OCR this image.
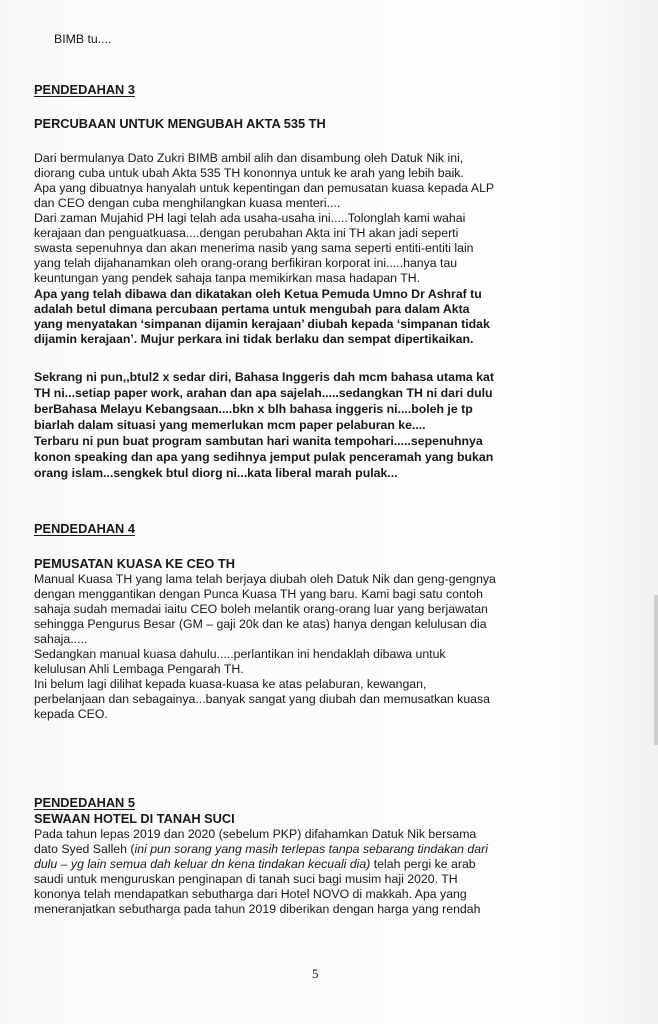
BIMB tu....
PENDEDAHAN 3
PERCUBAAN UNTUK MENGUBAH AKTA 535 TH
Dari bermulanya Dato Zukri BIMB ambil alih dan disambung oleh Datuk Nik ini,
diorang cuba untuk ubah Akta 535 TH kononnya untuk ke arah yang lebih baik.
Apa yang dibuatnya hanyalah untuk kepentingan dan pemusatan kuasa kepada ALP
dan CEO dengan cuba menghilangkan kuasa menteri....
Dari zaman Mujahid PH lagi telah ada usaha-usaha ini.....Tolonglah kami wahai
kerajaan dan penguatkuasa....dengan perubahan Akta ini TH akan jadi seperti
swasta sepenuhnya dan akan menerima nasib yang sama seperti entiti-entiti lain
yang telah dijahanamkan oleh orang-orang berfikiran korporat ini.....hanya tau
keuntungan yang pendek sahaja tanpa memikirkan masa hadapan TH.
Apa yang telah dibawa dan dikatakan oleh Ketua Pemuda Umno Dr Ashraf tu
adalah betul dimana percubaan pertama untuk mengubah para dalam Akta
yang menyatakan ‘simpanan dijamin kerajaan’ diubah kepada ‘simpanan tidak
dijamin kerajaan’. Mujur perkara ini tidak berlaku dan sempat dipertikaikan.
Sekrang ni pun,,btul2 x sedar diri, Bahasa Inggeris dah mcm bahasa utama kat
TH ni...setiap paper work, arahan dan apa sajelah.....sedangkan TH ni dari dulu
berBahasa Melayu Kebangsaan....bkn x blh bahasa inggeris ni....boleh je tp
biarlah dalam situasi yang memerlukan mcm paper pelaburan ke....
Terbaru ni pun buat program sambutan hari wanita tempohari.....sepenuhnya
konon speaking dan apa yang sedihnya jemput pulak penceramah yang bukan
orang islam...sengkek btul diorg ni...kata liberal marah pulak...
PENDEDAHAN 4
PEMUSATAN KUASA KE CEO TH
Manual Kuasa TH yang lama telah berjaya diubah oleh Datuk Nik dan geng-gengnya
dengan menggantikan dengan Punca Kuasa TH yang baru. Kami bagi satu contoh
sahaja sudah memadai iaitu CEO boleh melantik orang-orang luar yang berjawatan
sehingga Pengurus Besar (GM – gaji 20k dan ke atas) hanya dengan kelulusan dia
sahaja.....
Sedangkan manual kuasa dahulu.....perlantikan ini hendaklah dibawa untuk
kelulusan Ahli Lembaga Pengarah TH.
Ini belum lagi dilihat kepada kuasa-kuasa ke atas pelaburan, kewangan,
perbelanjaan dan sebagainya...banyak sangat yang diubah dan memusatkan kuasa
kepada CEO.
PENDEDAHAN 5
SEWAAN HOTEL DI TANAH SUCI
Pada tahun lepas 2019 dan 2020 (sebelum PKP) difahamkan Datuk Nik bersama
dato Syed Salleh (ini pun sorang yang masih terlepas tanpa sebarang tindakan dari
dulu – yg lain semua dah keluar dn kena tindakan kecuali dia) telah pergi ke arab
saudi untuk menguruskan penginapan di tanah suci bagi musim haji 2020. TH
kononya telah mendapatkan sebutharga dari Hotel NOVO di makkah. Apa yang
meneranjatkan sebutharga pada tahun 2019 diberikan dengan harga yang rendah
5
